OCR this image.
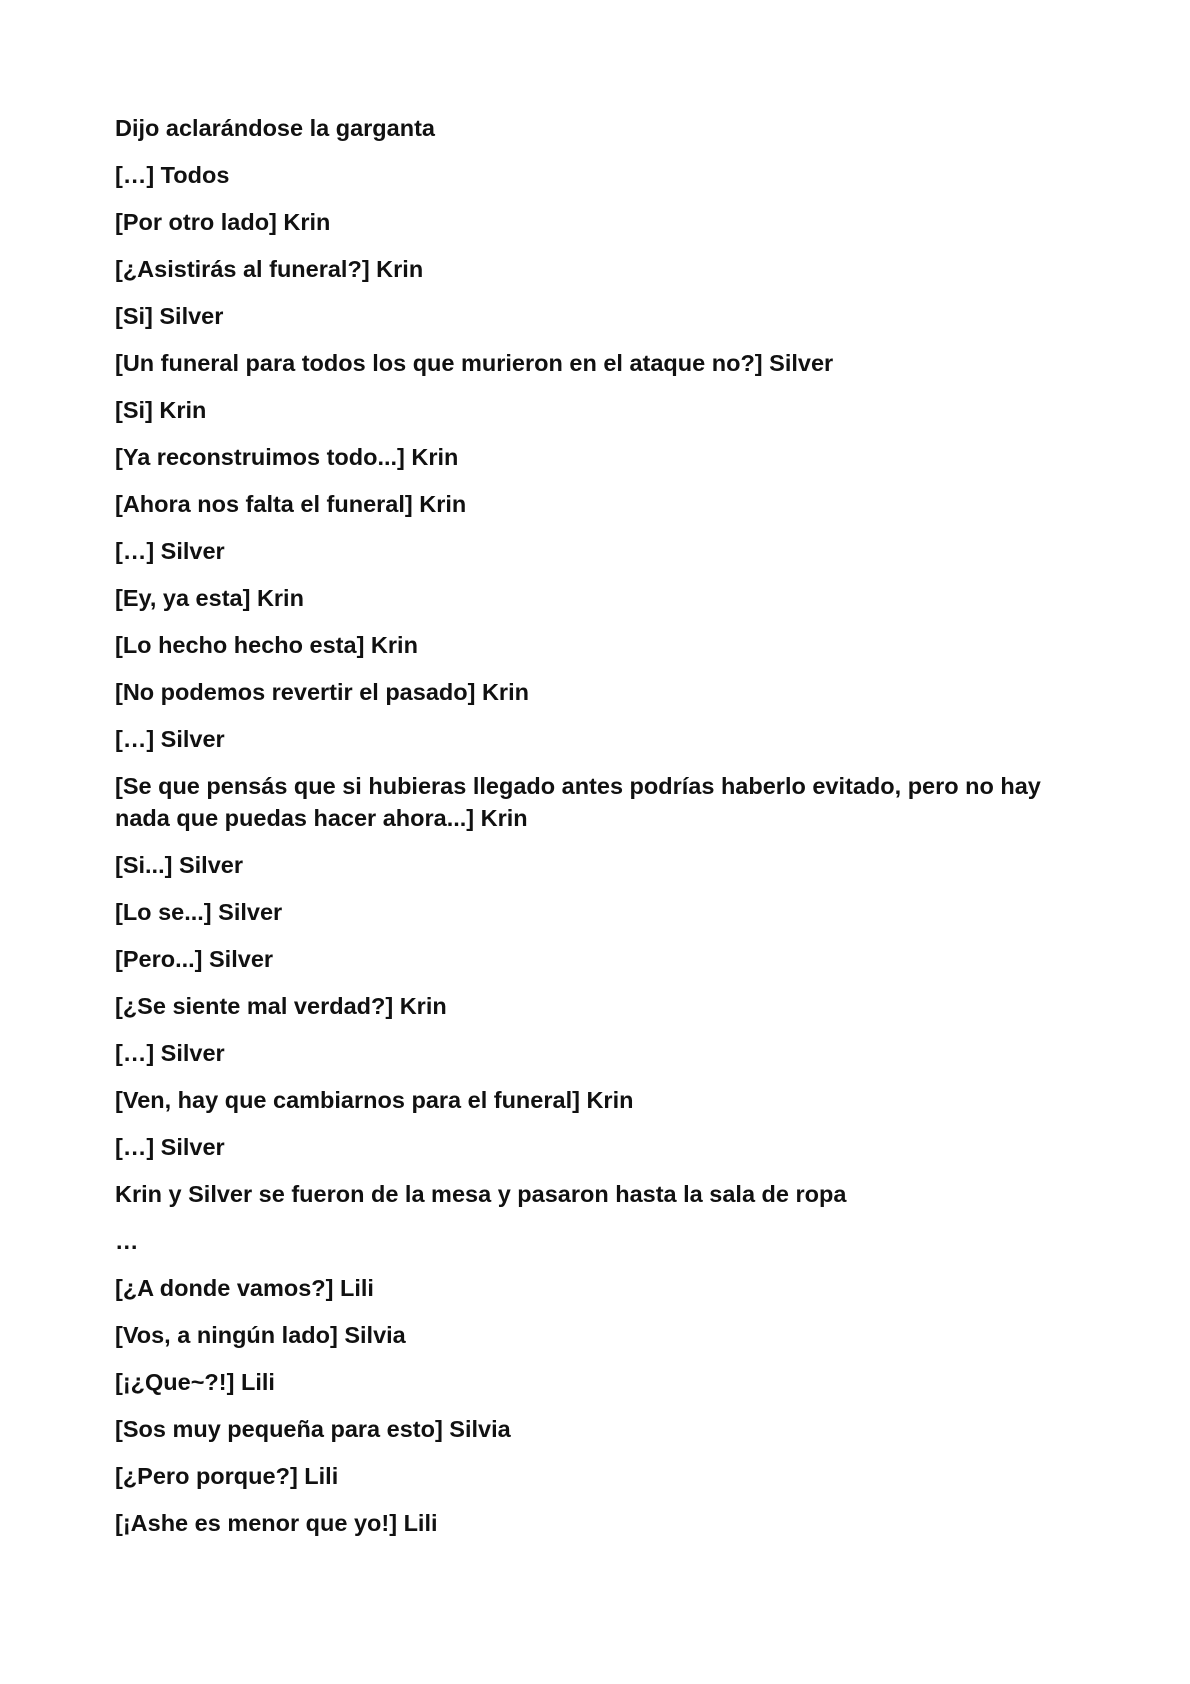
Dijo aclarándose la garganta

[…] Todos

[Por otro lado] Krin

[¿Asistirás al funeral?] Krin

[Si] Silver

[Un funeral para todos los que murieron en el ataque no?] Silver

[Si] Krin

[Ya reconstruimos todo...] Krin

[Ahora nos falta el funeral] Krin

[…] Silver

[Ey, ya esta] Krin

[Lo hecho hecho esta] Krin

[No podemos revertir el pasado] Krin

[…] Silver

[Se que pensás que si hubieras llegado antes podrías haberlo evitado, pero no hay nada que puedas hacer ahora...] Krin

[Si...] Silver

[Lo se...] Silver

[Pero...] Silver

[¿Se siente mal verdad?] Krin

[…] Silver

[Ven, hay que cambiarnos para el funeral] Krin

[…] Silver

Krin y Silver se fueron de la mesa y pasaron hasta la sala de ropa

…

[¿A donde vamos?] Lili

[Vos, a ningún lado] Silvia

[¡¿Que~?!] Lili

[Sos muy pequeña para esto] Silvia

[¿Pero porque?] Lili

[¡Ashe es menor que yo!] Lili
